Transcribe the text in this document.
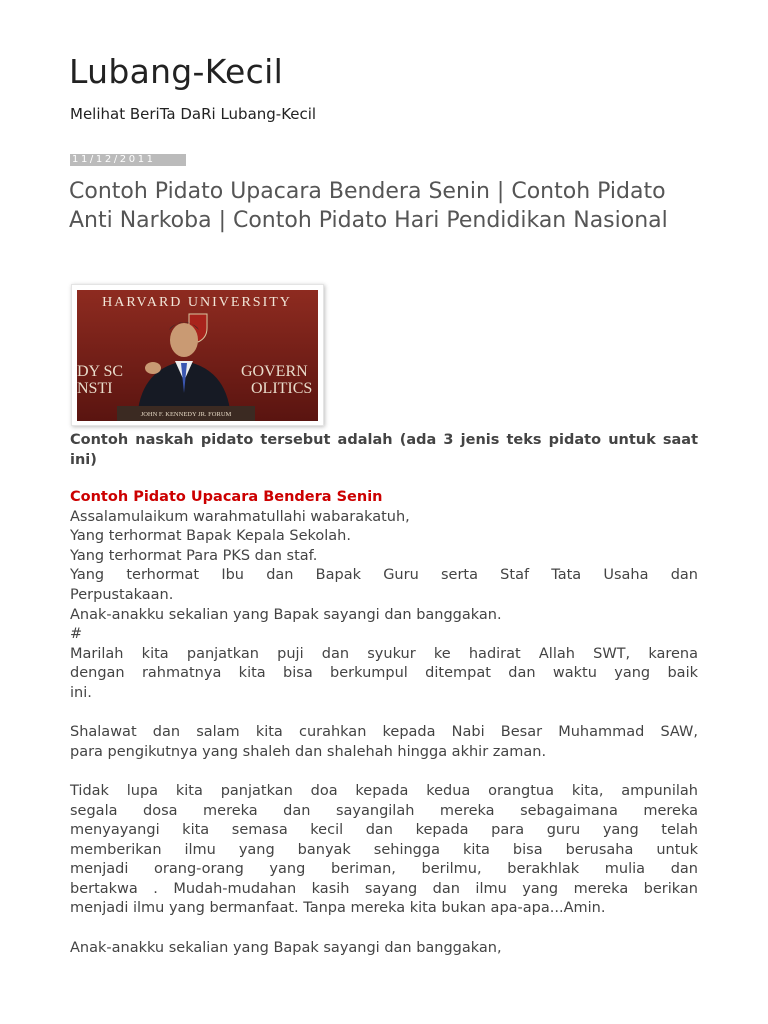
Lubang-Kecil
Melihat BeriTa DaRi Lubang-Kecil
11/12/2011
Contoh Pidato Upacara Bendera Senin | Contoh Pidato Anti Narkoba | Contoh Pidato Hari Pendidikan Nasional
HARVARD UNIVERSITY
DY SC	GOVERN
NSTI	OLITICS
JOHN F. KENNEDY JR. FORUM
Contoh naskah pidato tersebut adalah (ada 3 jenis teks pidato untuk saat ini)
Contoh Pidato Upacara Bendera Senin
Assalamulaikum warahmatullahi wabarakatuh,
Yang terhormat Bapak Kepala Sekolah.
Yang terhormat Para PKS dan staf.
Yang terhormat Ibu dan Bapak Guru serta Staf Tata Usaha dan
Perpustakaan.
Anak-anakku sekalian yang Bapak sayangi dan banggakan.
#
Marilah kita panjatkan puji dan syukur ke hadirat Allah SWT, karena
dengan rahmatnya kita bisa berkumpul ditempat dan waktu yang baik
ini.
Shalawat dan salam kita curahkan kepada Nabi Besar Muhammad SAW,
para pengikutnya yang shaleh dan shalehah hingga akhir zaman.
Tidak lupa kita panjatkan doa kepada kedua orangtua kita, ampunilah
segala dosa mereka dan sayangilah mereka sebagaimana mereka
menyayangi kita semasa kecil dan kepada para guru yang telah
memberikan ilmu yang banyak sehingga kita bisa berusaha untuk
menjadi orang-orang yang beriman, berilmu, berakhlak mulia dan
bertakwa . Mudah-mudahan kasih sayang dan ilmu yang mereka berikan
menjadi ilmu yang bermanfaat. Tanpa mereka kita bukan apa-apa...Amin.
Anak-anakku sekalian yang Bapak sayangi dan banggakan,
